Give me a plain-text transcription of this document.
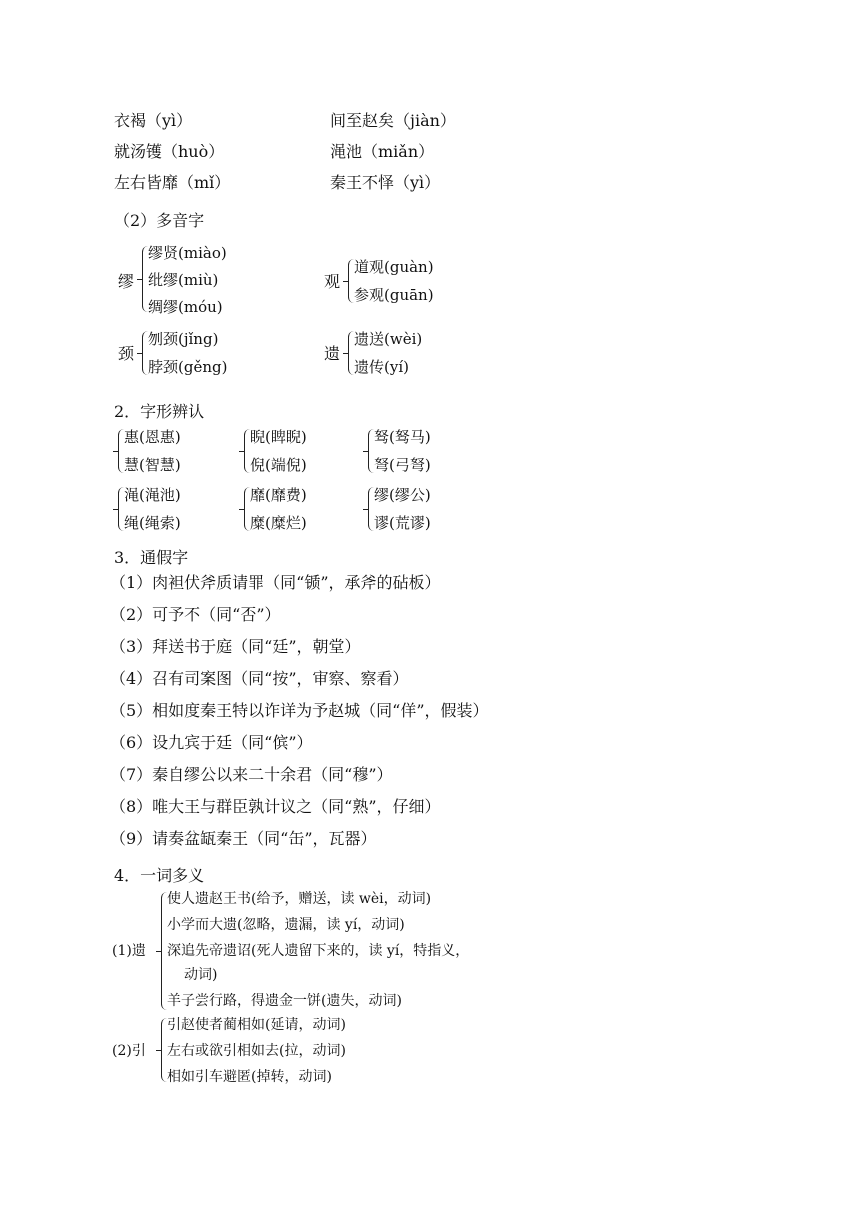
衣褐（yì）	间至赵矣（jiàn）
就汤镬（huò）	渑池（miǎn）
左右皆靡（mǐ）	秦王不怿（yì）
（2）多音字
缪
缪贤(miào)
纰缪(miù)
绸缪(móu)
观
道观(guàn)
参观(guān)
颈
刎颈(jǐng)
脖颈(gěng)
遗
遗送(wèi)
遗传(yí)
2．字形辨认
惠(恩惠)
慧(智慧)
睨(睥睨)
倪(端倪)
驽(驽马)
弩(弓弩)
渑(渑池)
绳(绳索)
靡(靡费)
糜(糜烂)
缪(缪公)
谬(荒谬)
3．通假字
（1）肉袒伏斧质请罪（同“锧”，承斧的砧板）
（2）可予不（同“否”）
（3）拜送书于庭（同“廷”，朝堂）
（4）召有司案图（同“按”，审察、察看）
（5）相如度秦王特以诈详为予赵城（同“佯”，假装）
（6）设九宾于廷（同“傧”）
（7）秦自缪公以来二十余君（同“穆”）
（8）唯大王与群臣孰计议之（同“熟”，仔细）
（9）请奏盆缻秦王（同“缶”，瓦器）
4．一词多义
(1)遗
使人遗赵王书(给予，赠送，读 wèi，动词)
小学而大遗(忽略，遗漏，读 yí，动词)
深追先帝遗诏(死人遗留下来的，读 yí，特指义，
动词)
羊子尝行路，得遗金一饼(遗失，动词)
(2)引
引赵使者蔺相如(延请，动词)
左右或欲引相如去(拉，动词)
相如引车避匿(掉转，动词)
